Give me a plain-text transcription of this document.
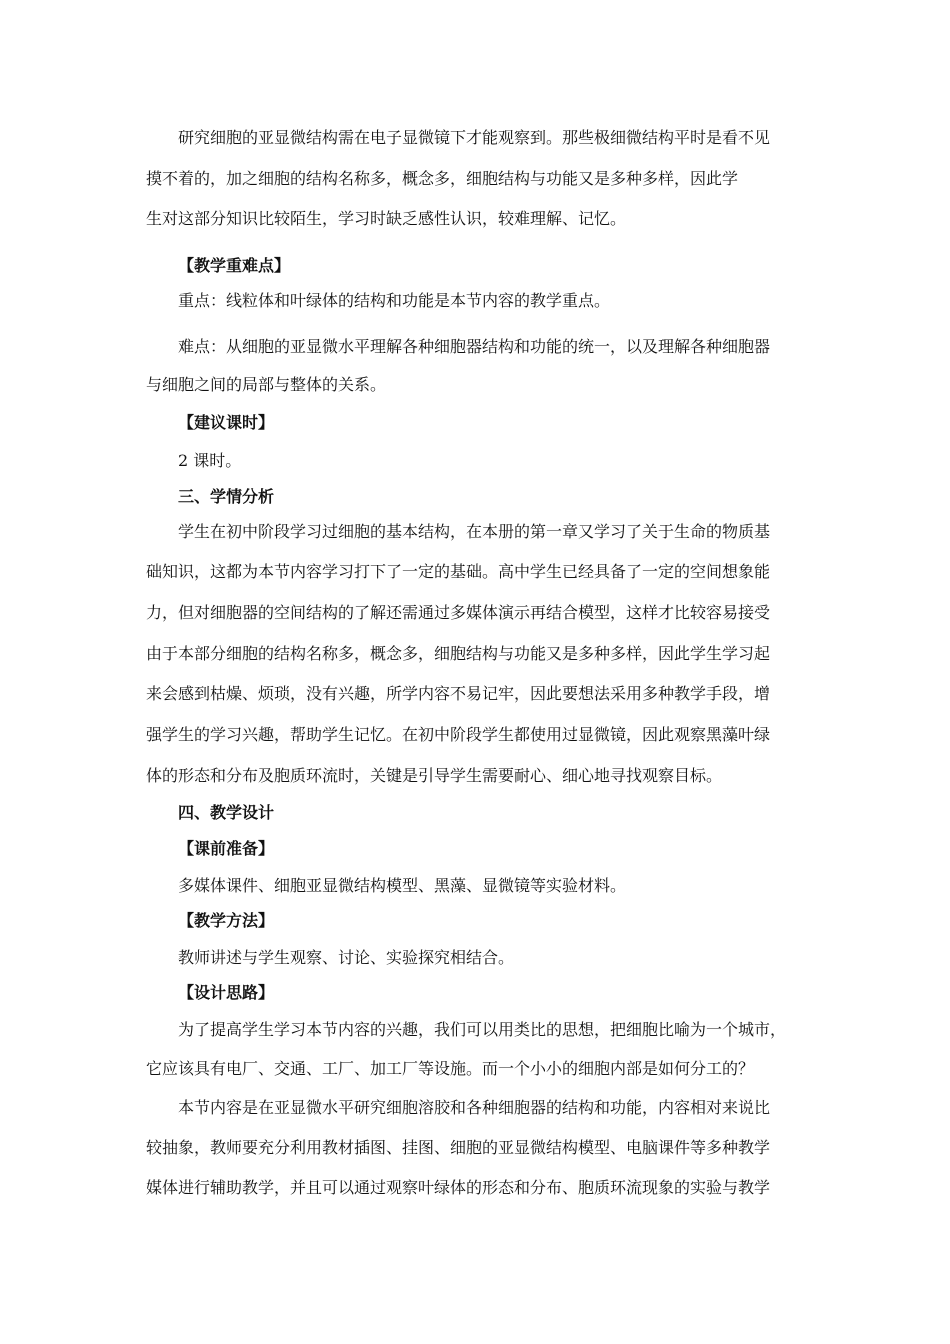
研究细胞的亚显微结构需在电子显微镜下才能观察到。那些极细微结构平时是看不见
摸不着的，加之细胞的结构名称多，概念多，细胞结构与功能又是多种多样，因此学
生对这部分知识比较陌生，学习时缺乏感性认识，较难理解、记忆。
【教学重难点】
重点：线粒体和叶绿体的结构和功能是本节内容的教学重点。
难点：从细胞的亚显微水平理解各种细胞器结构和功能的统一，以及理解各种细胞器
与细胞之间的局部与整体的关系。
【建议课时】
2 课时。
三、学情分析
学生在初中阶段学习过细胞的基本结构，在本册的第一章又学习了关于生命的物质基
础知识，这都为本节内容学习打下了一定的基础。高中学生已经具备了一定的空间想象能
力，但对细胞器的空间结构的了解还需通过多媒体演示再结合模型，这样才比较容易接受
由于本部分细胞的结构名称多，概念多，细胞结构与功能又是多种多样，因此学生学习起
来会感到枯燥、烦琐，没有兴趣，所学内容不易记牢，因此要想法采用多种教学手段，增
强学生的学习兴趣，帮助学生记忆。在初中阶段学生都使用过显微镜，因此观察黑藻叶绿
体的形态和分布及胞质环流时，关键是引导学生需要耐心、细心地寻找观察目标。
四、教学设计
【课前准备】
多媒体课件、细胞亚显微结构模型、黑藻、显微镜等实验材料。
【教学方法】
教师讲述与学生观察、讨论、实验探究相结合。
【设计思路】
为了提高学生学习本节内容的兴趣，我们可以用类比的思想，把细胞比喻为一个城市，
它应该具有电厂、交通、工厂、加工厂等设施。而一个小小的细胞内部是如何分工的？
本节内容是在亚显微水平研究细胞溶胶和各种细胞器的结构和功能，内容相对来说比
较抽象，教师要充分利用教材插图、挂图、细胞的亚显微结构模型、电脑课件等多种教学
媒体进行辅助教学，并且可以通过观察叶绿体的形态和分布、胞质环流现象的实验与教学
